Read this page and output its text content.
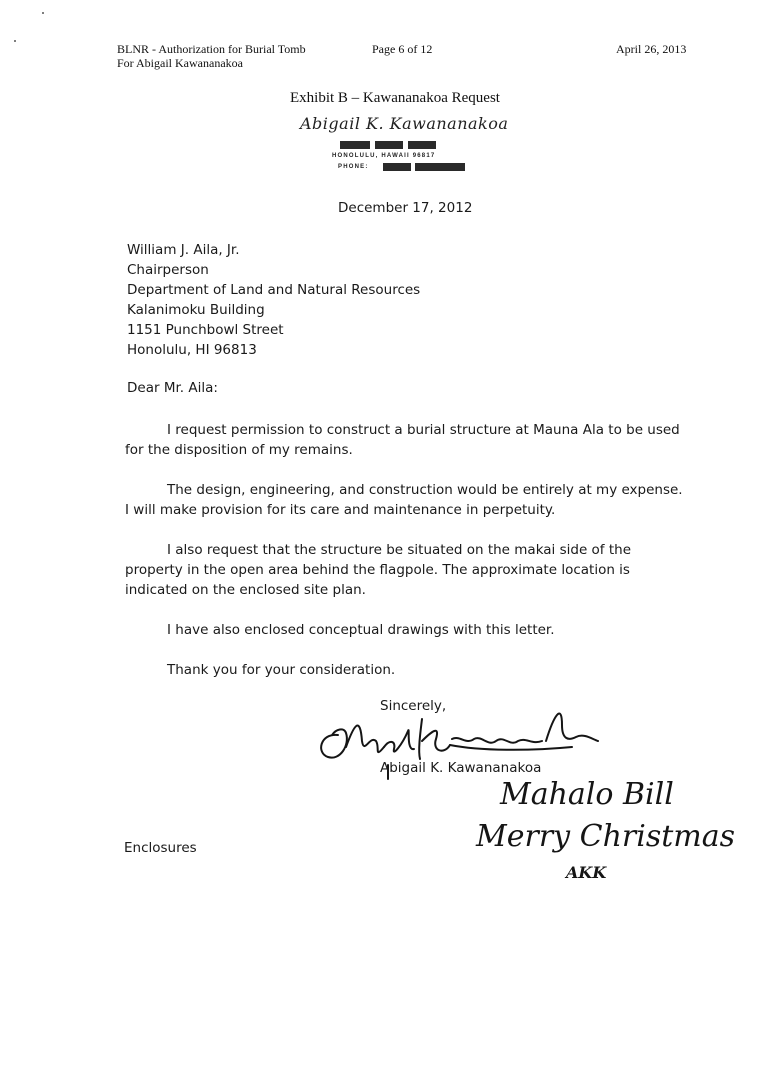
BLNR - Authorization for Burial Tomb
For Abigail Kawananakoa
Page 6 of 12	April 26, 2013
Exhibit B – Kawananakoa Request
Abigail K. Kawananakoa
HONOLULU, HAWAII 96817
PHONE:
December 17, 2012
William J. Aila, Jr.
Chairperson
Department of Land and Natural Resources
Kalanimoku Building
1151 Punchbowl Street
Honolulu, HI 96813
Dear Mr. Aila:
I request permission to construct a burial structure at Mauna Ala to be used
for the disposition of my remains.
The design, engineering, and construction would be entirely at my expense.
I will make provision for its care and maintenance in perpetuity.
I also request that the structure be situated on the makai side of the
property in the open area behind the flagpole. The approximate location is
indicated on the enclosed site plan.
I have also enclosed conceptual drawings with this letter.
Thank you for your consideration.
Sincerely,
Abigail K. Kawananakoa
Mahalo Bill
Merry Christmas
AKK
Enclosures
